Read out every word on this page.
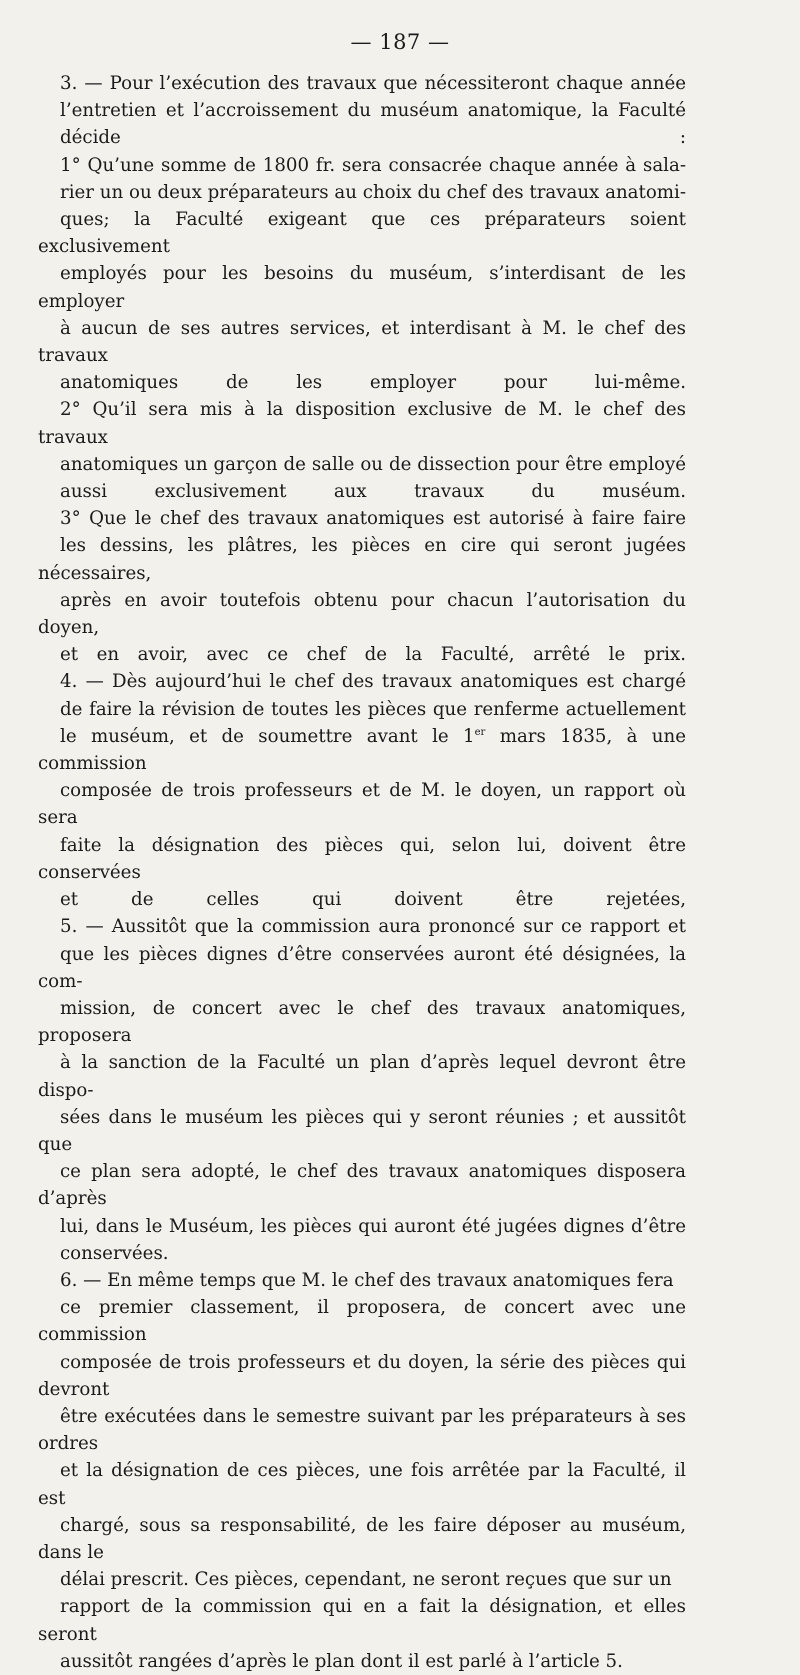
— 187 —

3. — Pour l’exécution des travaux que nécessiteront chaque année
l’entretien et l’accroissement du muséum anatomique, la Faculté
décide :

1° Qu’une somme de 1800 fr. sera consacrée chaque année à sala-
rier un ou deux préparateurs au choix du chef des travaux anatomi-
ques; la Faculté exigeant que ces préparateurs soient exclusivement
employés pour les besoins du muséum, s’interdisant de les employer
à aucun de ses autres services, et interdisant à M. le chef des travaux
anatomiques de les employer pour lui-même.

2° Qu’il sera mis à la disposition exclusive de M. le chef des travaux
anatomiques un garçon de salle ou de dissection pour être employé
aussi exclusivement aux travaux du muséum.

3° Que le chef des travaux anatomiques est autorisé à faire faire
les dessins, les plâtres, les pièces en cire qui seront jugées nécessaires,
après en avoir toutefois obtenu pour chacun l’autorisation du doyen,
et en avoir, avec ce chef de la Faculté, arrêté le prix.

4. — Dès aujourd’hui le chef des travaux anatomiques est chargé
de faire la révision de toutes les pièces que renferme actuellement
le muséum, et de soumettre avant le 1er mars 1835, à une commission
composée de trois professeurs et de M. le doyen, un rapport où sera
faite la désignation des pièces qui, selon lui, doivent être conservées
et de celles qui doivent être rejetées,

5. — Aussitôt que la commission aura prononcé sur ce rapport et
que les pièces dignes d’être conservées auront été désignées, la com-
mission, de concert avec le chef des travaux anatomiques, proposera
à la sanction de la Faculté un plan d’après lequel devront être dispo-
sées dans le muséum les pièces qui y seront réunies ; et aussitôt que
ce plan sera adopté, le chef des travaux anatomiques disposera d’après
lui, dans le Muséum, les pièces qui auront été jugées dignes d’être
conservées.

6. — En même temps que M. le chef des travaux anatomiques fera
ce premier classement, il proposera, de concert avec une commission
composée de trois professeurs et du doyen, la série des pièces qui devront
être exécutées dans le semestre suivant par les préparateurs à ses ordres
et la désignation de ces pièces, une fois arrêtée par la Faculté, il est
chargé, sous sa responsabilité, de les faire déposer au muséum, dans le
délai prescrit. Ces pièces, cependant, ne seront reçues que sur un
rapport de la commission qui en a fait la désignation, et elles seront
aussitôt rangées d’après le plan dont il est parlé à l’article 5.
